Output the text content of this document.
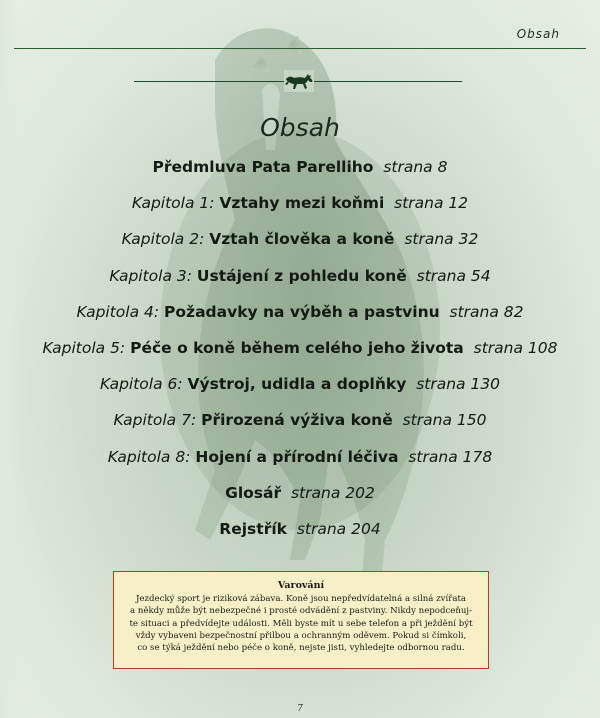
Obsah
Obsah
Předmluva Pata Parelliho strana 8
Kapitola 1: Vztahy mezi koňmi strana 12
Kapitola 2: Vztah člověka a koně strana 32
Kapitola 3: Ustájení z pohledu koně strana 54
Kapitola 4: Požadavky na výběh a pastvinu strana 82
Kapitola 5: Péče o koně během celého jeho života strana 108
Kapitola 6: Výstroj, udidla a doplňky strana 130
Kapitola 7: Přirozená výživa koně strana 150
Kapitola 8: Hojení a přírodní léčiva strana 178
Glosář strana 202
Rejstřík strana 204
Varování
Jezdecký sport je riziková zábava. Koně jsou nepředvídatelná a silná zvířata
a někdy může být nebezpečné i prosté odvádění z pastviny. Nikdy nepodceňuj-
te situaci a předvídejte události. Měli byste mít u sebe telefon a při ježdění být
vždy vybaveni bezpečnostní přilbou a ochranným oděvem. Pokud si čímkoli,
co se týká ježdění nebo péče o koně, nejste jisti, vyhledejte odbornou radu.
7
